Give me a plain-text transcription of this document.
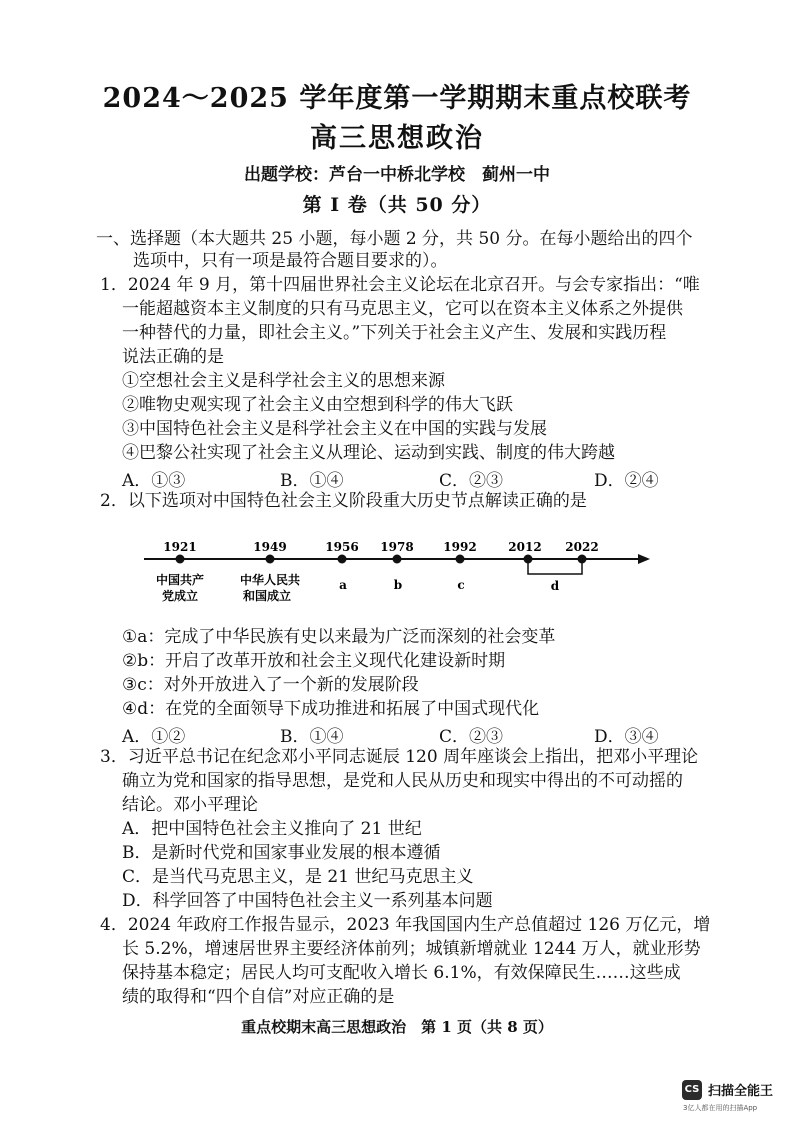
2024～2025 学年度第一学期期末重点校联考
高三思想政治
出题学校：芦台一中桥北学校　蓟州一中
第 Ⅰ 卷（共 50 分）
一、选择题（本大题共 25 小题，每小题 2 分，共 50 分。在每小题给出的四个
选项中，只有一项是最符合题目要求的）。
1．2024 年 9 月，第十四届世界社会主义论坛在北京召开。与会专家指出：“唯
一能超越资本主义制度的只有马克思主义，它可以在资本主义体系之外提供
一种替代的力量，即社会主义。”下列关于社会主义产生、发展和实践历程
说法正确的是
①空想社会主义是科学社会主义的思想来源
②唯物史观实现了社会主义由空想到科学的伟大飞跃
③中国特色社会主义是科学社会主义在中国的实践与发展
④巴黎公社实现了社会主义从理论、运动到实践、制度的伟大跨越
A．①③	B．①④	C．②③	D．②④
2．以下选项对中国特色社会主义阶段重大历史节点解读正确的是
1921	1949	1956 1978 1992	2012 2022
中国共产
党成立
中华人民共
和国成立
a	b	c	d
①a：完成了中华民族有史以来最为广泛而深刻的社会变革
②b：开启了改革开放和社会主义现代化建设新时期
③c：对外开放进入了一个新的发展阶段
④d：在党的全面领导下成功推进和拓展了中国式现代化
A．①②	B．①④	C．②③	D．③④
3．习近平总书记在纪念邓小平同志诞辰 120 周年座谈会上指出，把邓小平理论
确立为党和国家的指导思想，是党和人民从历史和现实中得出的不可动摇的
结论。邓小平理论
A．把中国特色社会主义推向了 21 世纪
B．是新时代党和国家事业发展的根本遵循
C．是当代马克思主义，是 21 世纪马克思主义
D．科学回答了中国特色社会主义一系列基本问题
4．2024 年政府工作报告显示，2023 年我国国内生产总值超过 126 万亿元，增
长 5.2%，增速居世界主要经济体前列；城镇新增就业 1244 万人，就业形势
保持基本稳定；居民人均可支配收入增长 6.1%，有效保障民生……这些成
绩的取得和“四个自信”对应正确的是
重点校期末高三思想政治　第 1 页（共 8 页）
CS 扫描全能王
3亿人都在用的扫描App
